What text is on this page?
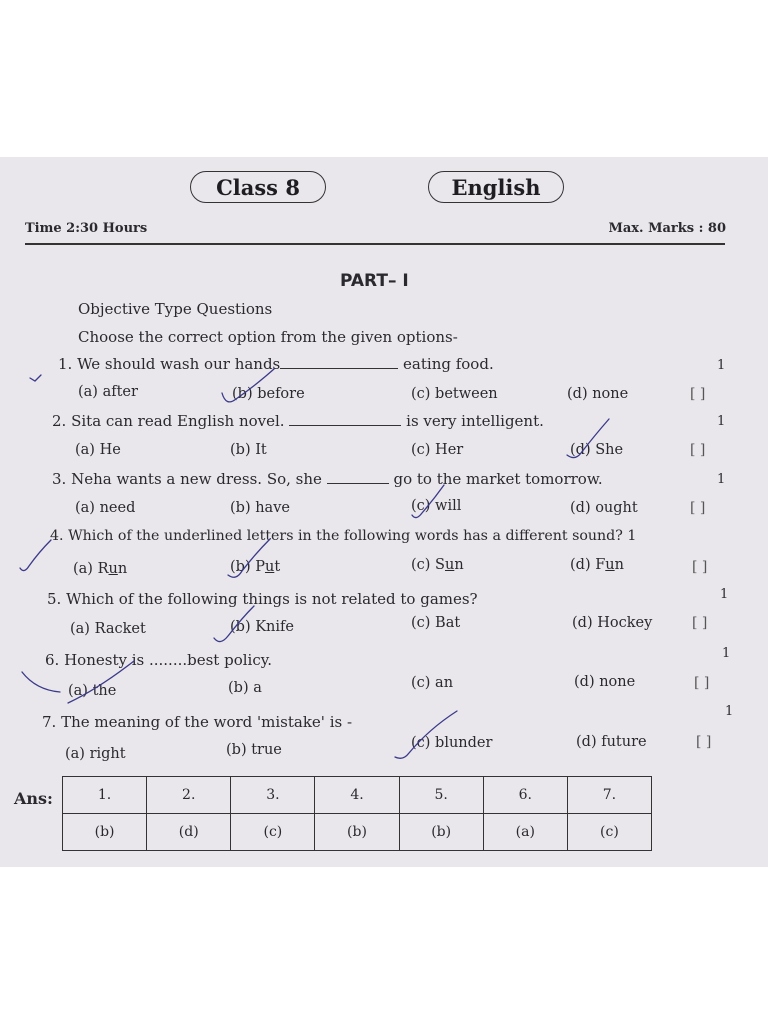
Class 8	English
Time 2:30 Hours	Max. Marks : 80
PART– I
Objective Type Questions
Choose the correct option from the given options-
1. We should wash our hands	eating food.	1
(a) after	(b) before	(c) between	(d) none	[ ]
2. Sita can read English novel.	is very intelligent.	1
(a) He	(b) It	(c) Her	(d) She	[ ]
3. Neha wants a new dress. So, she	go to the market tomorrow.	1
(a) need	(b) have	(c) will	(d) ought	[ ]
4. Which of the underlined letters in the following words has a different sound? 1
(a) Run	(b) Put	(c) Sun	(d) Fun	[ ]
5. Which of the following things is not related to games?	1
(a) Racket	(b) Knife	(c) Bat	(d) Hockey	[ ]
6. Honesty is ........best policy.	1
(a) the	(b) a	(c) an	(d) none	[ ]
7. The meaning of the word 'mistake' is -
1
(a) right	(b) true	(c) blunder	(d) future	[ ]
Ans:	1.	2.	3.	4.	5.	6.	7.
(b)	(d)	(c)	(b)	(b)	(a)	(c)
